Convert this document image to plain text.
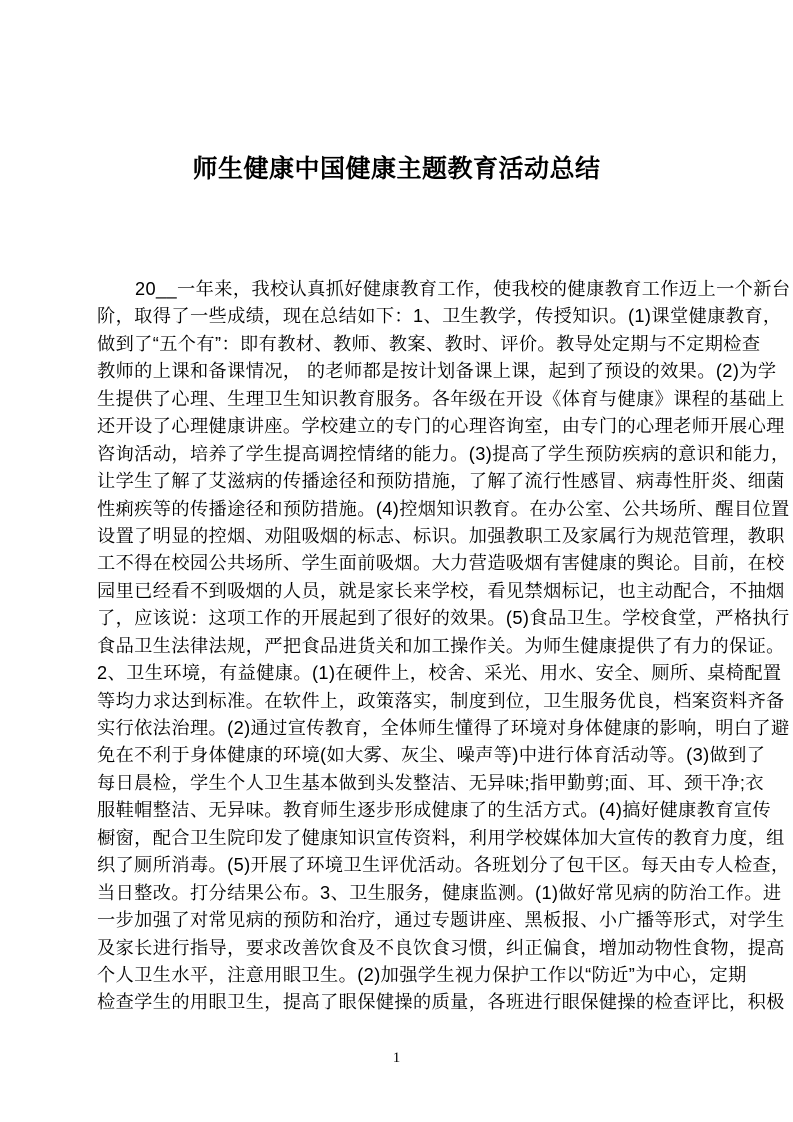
师生健康中国健康主题教育活动总结
20__一年来，我校认真抓好健康教育工作，使我校的健康教育工作迈上一个新台
阶，取得了一些成绩，现在总结如下：1、卫生教学，传授知识。(1)课堂健康教育，
做到了“五个有”：即有教材、教师、教案、教时、评价。教导处定期与不定期检查
教师的上课和备课情况， 的老师都是按计划备课上课，起到了预设的效果。(2)为学
生提供了心理、生理卫生知识教育服务。各年级在开设《体育与健康》课程的基础上
还开设了心理健康讲座。学校建立的专门的心理咨询室，由专门的心理老师开展心理
咨询活动，培养了学生提高调控情绪的能力。(3)提高了学生预防疾病的意识和能力，
让学生了解了艾滋病的传播途径和预防措施，了解了流行性感冒、病毒性肝炎、细菌
性痢疾等的传播途径和预防措施。(4)控烟知识教育。在办公室、公共场所、醒目位置
设置了明显的控烟、劝阻吸烟的标志、标识。加强教职工及家属行为规范管理，教职
工不得在校园公共场所、学生面前吸烟。大力营造吸烟有害健康的舆论。目前，在校
园里已经看不到吸烟的人员，就是家长来学校，看见禁烟标记，也主动配合，不抽烟
了，应该说：这项工作的开展起到了很好的效果。(5)食品卫生。学校食堂，严格执行
食品卫生法律法规，严把食品进货关和加工操作关。为师生健康提供了有力的保证。
2、卫生环境，有益健康。(1)在硬件上，校舍、采光、用水、安全、厕所、桌椅配置
等均力求达到标准。在软件上，政策落实，制度到位，卫生服务优良，档案资料齐备
实行依法治理。(2)通过宣传教育，全体师生懂得了环境对身体健康的影响，明白了避
免在不利于身体健康的环境(如大雾、灰尘、噪声等)中进行体育活动等。(3)做到了
每日晨检，学生个人卫生基本做到头发整洁、无异味;指甲勤剪;面、耳、颈干净;衣
服鞋帽整洁、无异味。教育师生逐步形成健康了的生活方式。(4)搞好健康教育宣传
橱窗，配合卫生院印发了健康知识宣传资料，利用学校媒体加大宣传的教育力度，组
织了厕所消毒。(5)开展了环境卫生评优活动。各班划分了包干区。每天由专人检查，
当日整改。打分结果公布。3、卫生服务，健康监测。(1)做好常见病的防治工作。进
一步加强了对常见病的预防和治疗，通过专题讲座、黑板报、小广播等形式，对学生
及家长进行指导，要求改善饮食及不良饮食习惯，纠正偏食，增加动物性食物，提高
个人卫生水平，注意用眼卫生。(2)加强学生视力保护工作以“防近”为中心，定期
检查学生的用眼卫生，提高了眼保健操的质量，各班进行眼保健操的检查评比，积极
1
